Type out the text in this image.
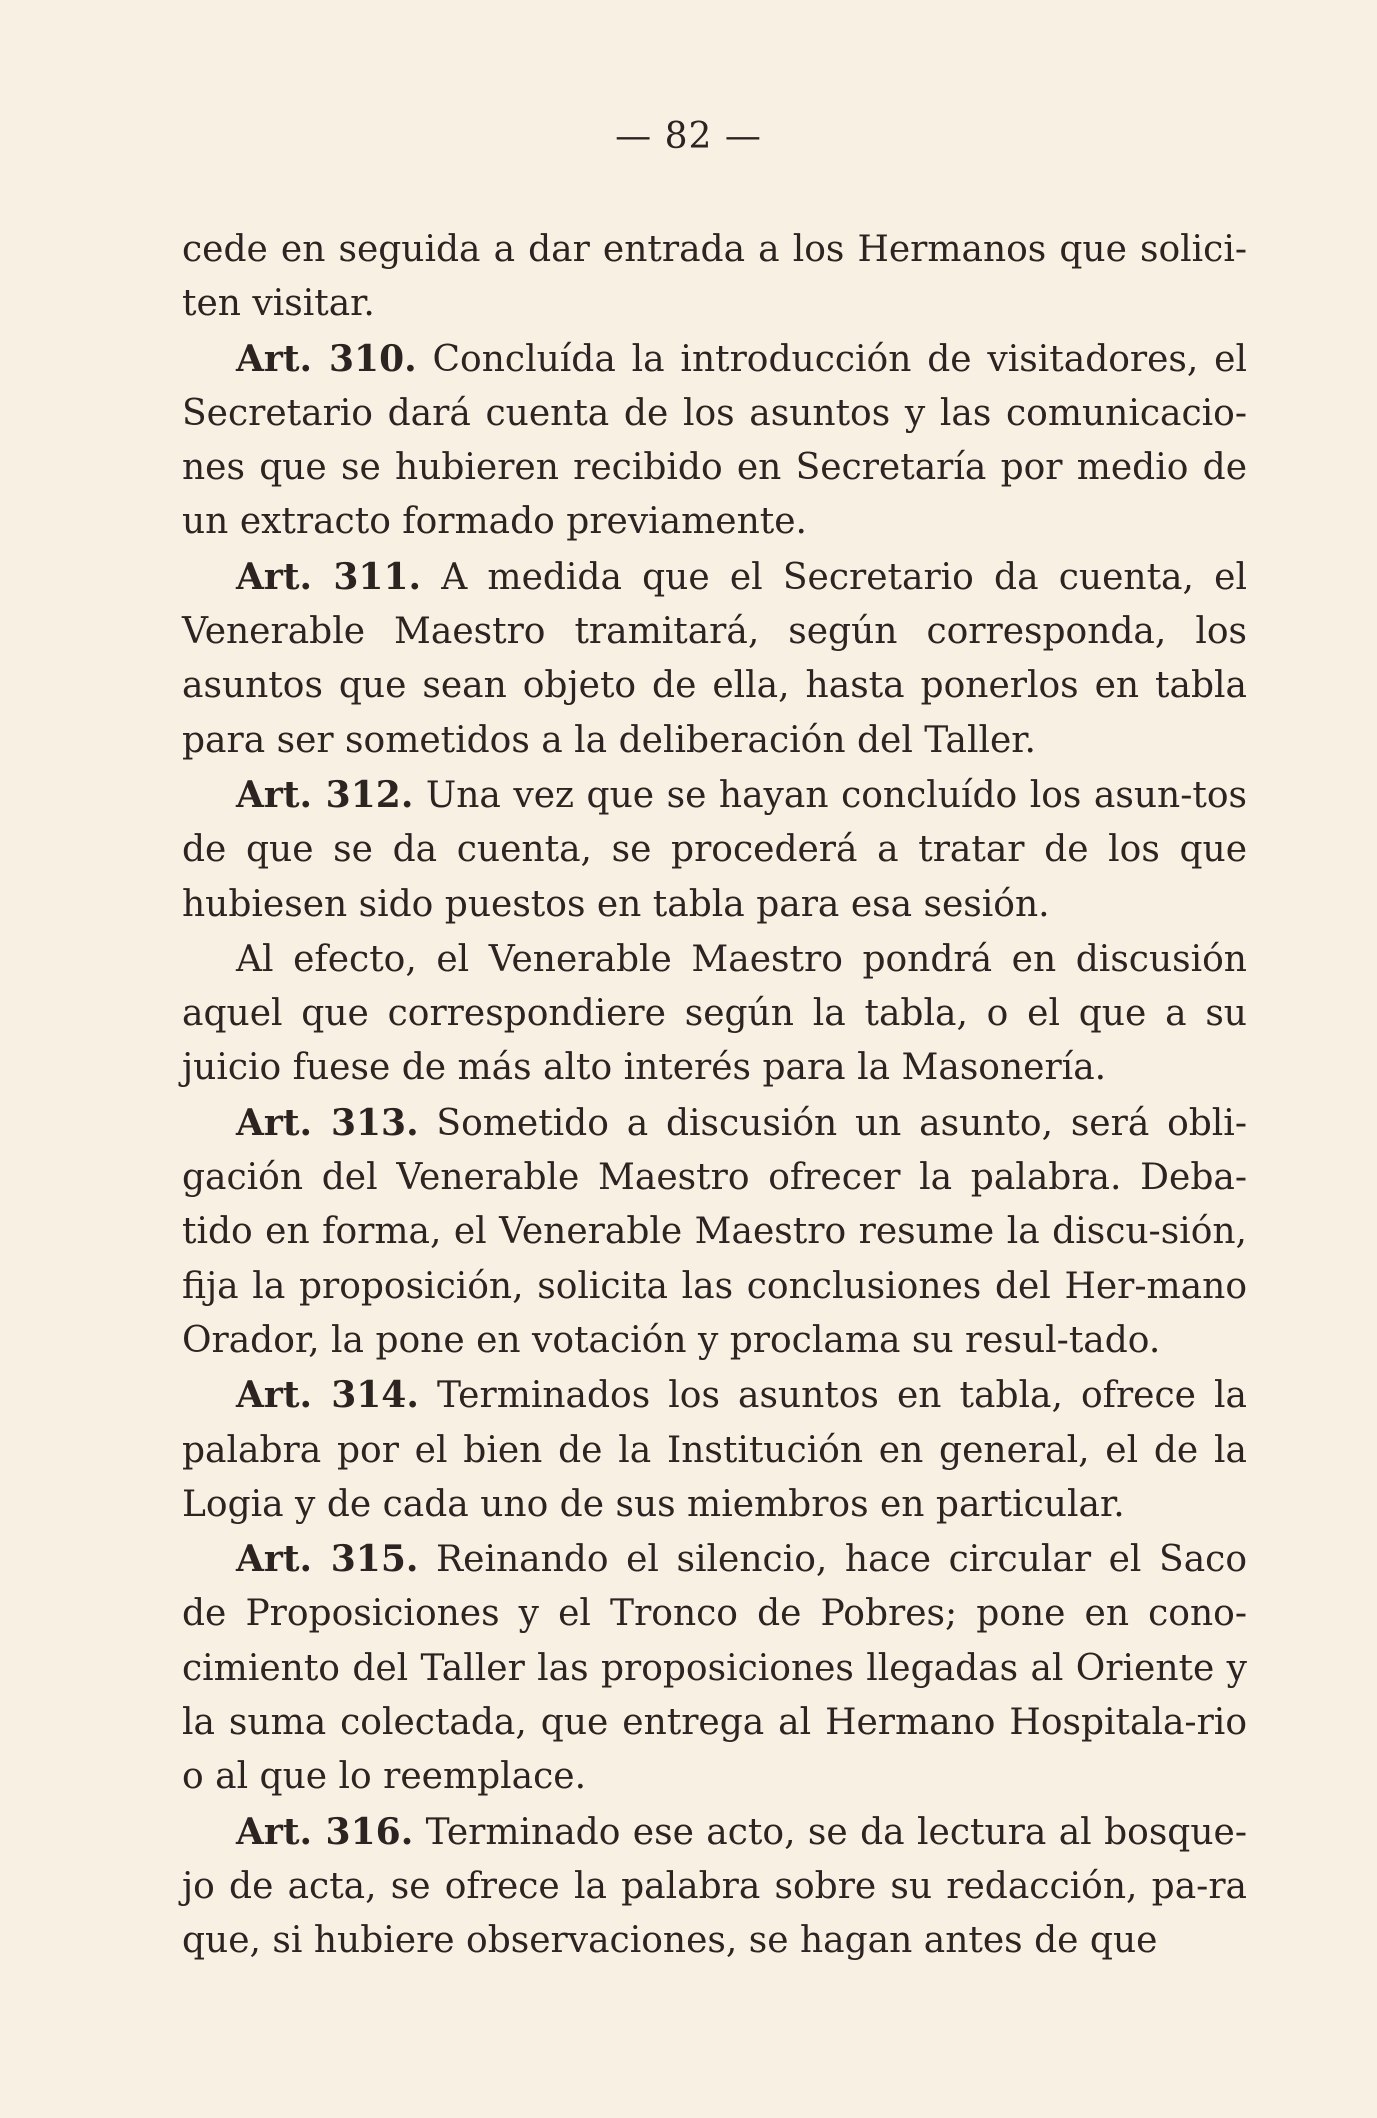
— 82 —

cede en seguida a dar entrada a los Hermanos que solici-ten visitar.

Art. 310. Concluída la introducción de visitadores, el Secretario dará cuenta de los asuntos y las comunicacio-nes que se hubieren recibido en Secretaría por medio de un extracto formado previamente.

Art. 311. A medida que el Secretario da cuenta, el Venerable Maestro tramitará, según corresponda, los asuntos que sean objeto de ella, hasta ponerlos en tabla para ser sometidos a la deliberación del Taller.

Art. 312. Una vez que se hayan concluído los asun-tos de que se da cuenta, se procederá a tratar de los que hubiesen sido puestos en tabla para esa sesión.

Al efecto, el Venerable Maestro pondrá en discusión aquel que correspondiere según la tabla, o el que a su juicio fuese de más alto interés para la Masonería.

Art. 313. Sometido a discusión un asunto, será obli-gación del Venerable Maestro ofrecer la palabra. Deba-tido en forma, el Venerable Maestro resume la discu-sión, fija la proposición, solicita las conclusiones del Her-mano Orador, la pone en votación y proclama su resul-tado.

Art. 314. Terminados los asuntos en tabla, ofrece la palabra por el bien de la Institución en general, el de la Logia y de cada uno de sus miembros en particular.

Art. 315. Reinando el silencio, hace circular el Saco de Proposiciones y el Tronco de Pobres; pone en cono-cimiento del Taller las proposiciones llegadas al Oriente y la suma colectada, que entrega al Hermano Hospitala-rio o al que lo reemplace.

Art. 316. Terminado ese acto, se da lectura al bosque-jo de acta, se ofrece la palabra sobre su redacción, pa-ra que, si hubiere observaciones, se hagan antes de que
